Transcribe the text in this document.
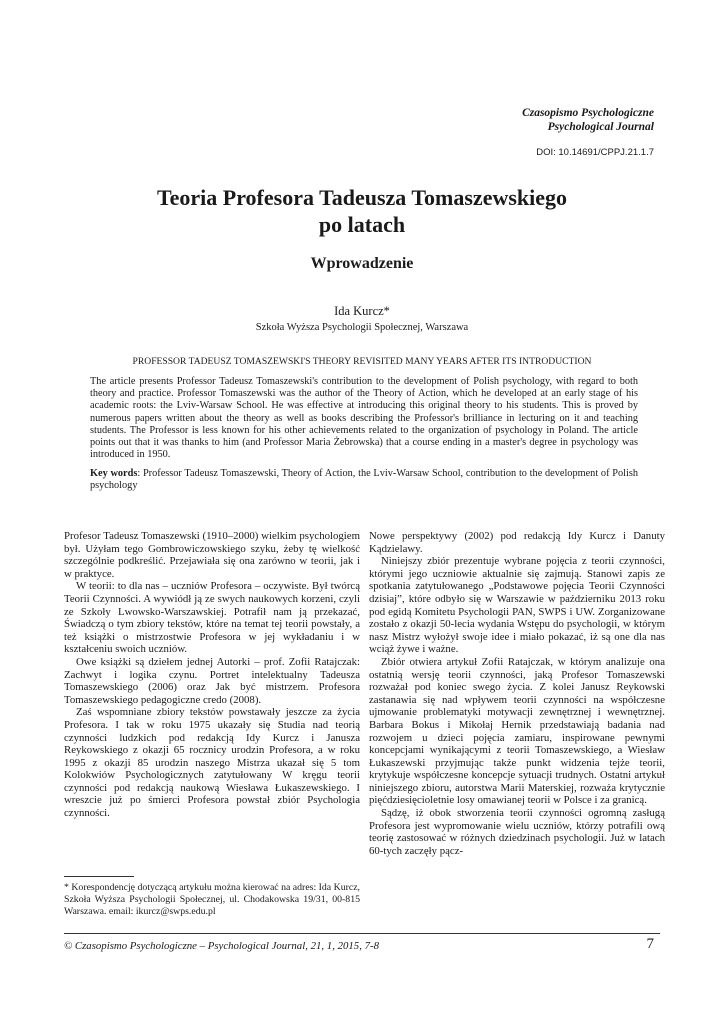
Czasopismo Psychologiczne
Psychological Journal
DOI: 10.14691/CPPJ.21.1.7
Teoria Profesora Tadeusza Tomaszewskiego
po latach
Wprowadzenie
Ida Kurcz*
Szkoła Wyższa Psychologii Społecznej, Warszawa
PROFESSOR TADEUSZ TOMASZEWSKI'S THEORY REVISITED MANY YEARS AFTER ITS INTRODUCTION

The article presents Professor Tadeusz Tomaszewski's contribution to the development of Polish psychology, with regard to both theory and practice. Professor Tomaszewski was the author of the Theory of Action, which he developed at an early stage of his academic roots: the Lviv-Warsaw School. He was effective at introducing this original theory to his students. This is proved by numerous papers written about the theory as well as books describing the Professor's brilliance in lecturing on it and teaching students. The Professor is less known for his other achievements related to the organization of psychology in Poland. The article points out that it was thanks to him (and Professor Maria Żebrowska) that a course ending in a master's degree in psychology was introduced in 1950.

Key words: Professor Tadeusz Tomaszewski, Theory of Action, the Lviv-Warsaw School, contribution to the development of Polish psychology

Profesor Tadeusz Tomaszewski (1910–2000) wielkim psychologiem był. Użyłam tego Gombrowiczowskiego szyku, żeby tę wielkość szczególnie podkreślić. Przejawiała się ona zarówno w teorii, jak i w praktyce.

W teorii: to dla nas – uczniów Profesora – oczywiste. Był twórcą Teorii Czynności. A wywiódł ją ze swych naukowych korzeni, czyli ze Szkoły Lwowsko-Warszawskiej. Potrafił nam ją przekazać, Świadczą o tym zbiory tekstów, które na temat tej teorii powstały, a też książki o mistrzostwie Profesora w jej wykładaniu i w kształceniu swoich uczniów.

Owe książki są dziełem jednej Autorki – prof. Zofii Ratajczak: Zachwyt i logika czynu. Portret intelektualny Tadeusza Tomaszewskiego (2006) oraz Jak być mistrzem. Profesora Tomaszewskiego pedagogiczne credo (2008).

Zaś wspomniane zbiory tekstów powstawały jeszcze za życia Profesora. I tak w roku 1975 ukazały się Studia nad teorią czynności ludzkich pod redakcją Idy Kurcz i Janusza Reykowskiego z okazji 65 rocznicy urodzin Profesora, a w roku 1995 z okazji 85 urodzin naszego Mistrza ukazał się 5 tom Kolokwiów Psychologicznych zatytułowany W kręgu teorii czynności pod redakcją naukową Wiesława Łukaszewskiego. I wreszcie już po śmierci Profesora powstał zbiór Psychologia czynności.

Nowe perspektywy (2002) pod redakcją Idy Kurcz i Danuty Kądzielawy.

Niniejszy zbiór prezentuje wybrane pojęcia z teorii czynności, którymi jego uczniowie aktualnie się zajmują. Stanowi zapis ze spotkania zatytułowanego „Podstawowe pojęcia Teorii Czynności dzisiaj”, które odbyło się w Warszawie w październiku 2013 roku pod egidą Komitetu Psychologii PAN, SWPS i UW. Zorganizowane zostało z okazji 50-lecia wydania Wstępu do psychologii, w którym nasz Mistrz wyłożył swoje idee i miało pokazać, iż są one dla nas wciąż żywe i ważne.

Zbiór otwiera artykuł Zofii Ratajczak, w którym analizuje ona ostatnią wersję teorii czynności, jaką Profesor Tomaszewski rozważał pod koniec swego życia. Z kolei Janusz Reykowski zastanawia się nad wpływem teorii czynności na współczesne ujmowanie problematyki motywacji zewnętrznej i wewnętrznej. Barbara Bokus i Mikołaj Hernik przedstawiają badania nad rozwojem u dzieci pojęcia zamiaru, inspirowane pewnymi koncepcjami wynikającymi z teorii Tomaszewskiego, a Wiesław Łukaszewski przyjmując także punkt widzenia tejże teorii, krytykuje współczesne koncepcje sytuacji trudnych. Ostatni artykuł niniejszego zbioru, autorstwa Marii Materskiej, rozważa krytycznie pięćdziesięcioletnie losy omawianej teorii w Polsce i za granicą.

Sądzę, iż obok stworzenia teorii czynności ogromną zasługą Profesora jest wypromowanie wielu uczniów, którzy potrafili ową teorię zastosować w różnych dziedzinach psychologii. Już w latach 60-tych zaczęły pącz-

* Korespondencję dotyczącą artykułu można kierować na adres: Ida Kurcz, Szkoła Wyższa Psychologii Społecznej, ul. Chodakowska 19/31, 00-815 Warszawa. email: ikurcz@swps.edu.pl
© Czasopismo Psychologiczne – Psychological Journal, 21, 1, 2015, 7-8	7
